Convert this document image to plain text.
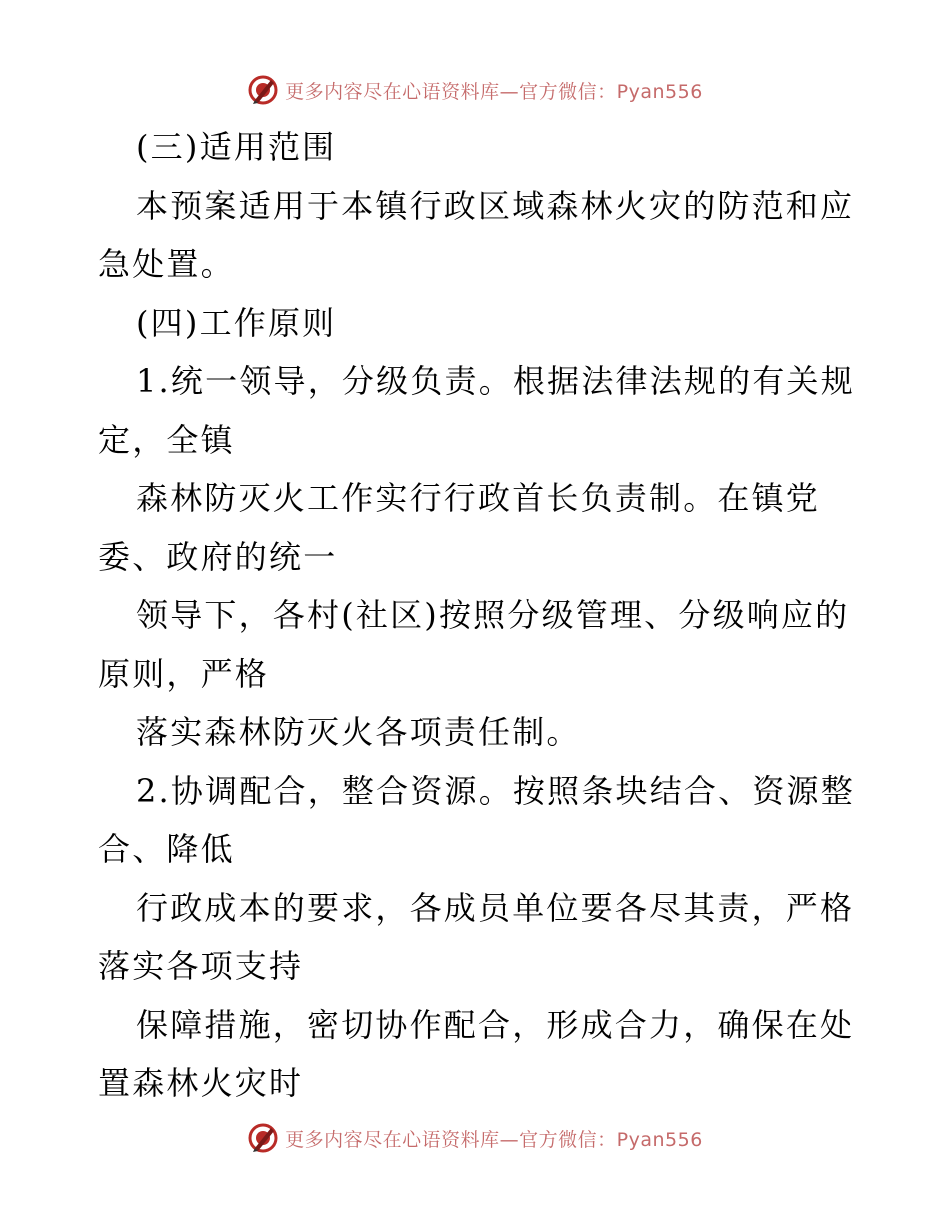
更多内容尽在心语资料库—官方微信：Pyan556
(三)适用范围
本预案适用于本镇行政区域森林火灾的防范和应
急处置。
(四)工作原则
1.统一领导，分级负责。根据法律法规的有关规
定，全镇
森林防灭火工作实行行政首长负责制。在镇党
委、政府的统一
领导下，各村(社区)按照分级管理、分级响应的
原则，严格
落实森林防灭火各项责任制。
2.协调配合，整合资源。按照条块结合、资源整
合、降低
行政成本的要求，各成员单位要各尽其责，严格
落实各项支持
保障措施，密切协作配合，形成合力，确保在处
置森林火灾时
更多内容尽在心语资料库—官方微信：Pyan556
